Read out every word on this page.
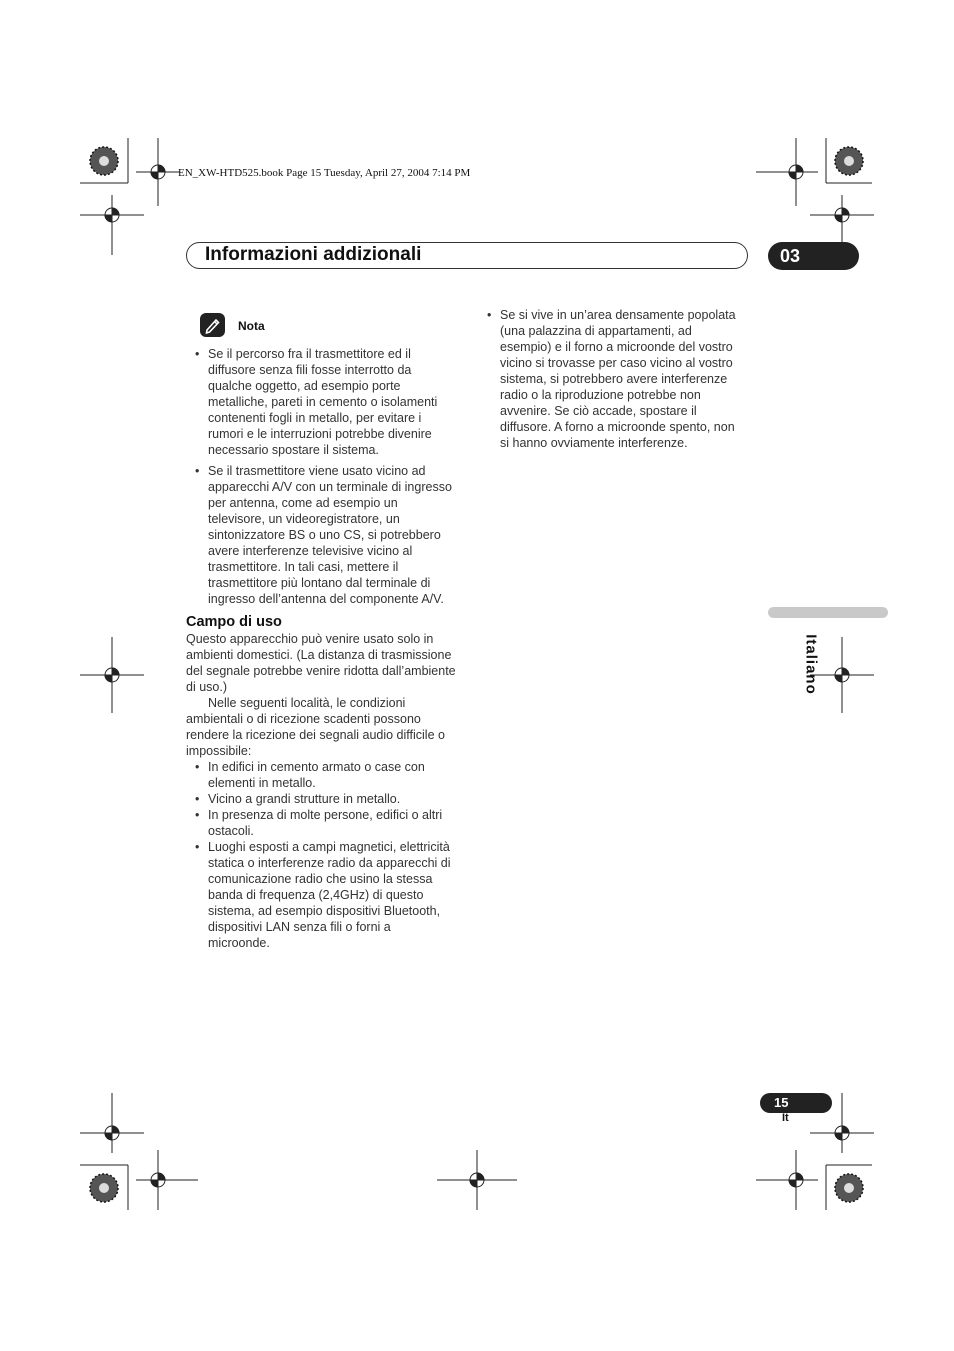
EN_XW-HTD525.book Page 15 Tuesday, April 27, 2004 7:14 PM
Informazioni addizionali	03
Nota
• Se il percorso fra il trasmettitore ed il diffusore senza fili fosse interrotto da qualche oggetto, ad esempio porte metalliche, pareti in cemento o isolamenti contenenti fogli in metallo, per evitare i rumori e le interruzioni potrebbe divenire necessario spostare il sistema.
• Se il trasmettitore viene usato vicino ad apparecchi A/V con un terminale di ingresso per antenna, come ad esempio un televisore, un videoregistratore, un sintonizzatore BS o uno CS, si potrebbero avere interferenze televisive vicino al trasmettitore. In tali casi, mettere il trasmettitore più lontano dal terminale di ingresso dell’antenna del componente A/V.
Campo di uso

Questo apparecchio può venire usato solo in ambienti domestici. (La distanza di trasmissione del segnale potrebbe venire ridotta dall’ambiente di uso.)

Nelle seguenti località, le condizioni ambientali o di ricezione scadenti possono rendere la ricezione dei segnali audio difficile o impossibile:

• In edifici in cemento armato o case con elementi in metallo.
• Vicino a grandi strutture in metallo.
• In presenza di molte persone, edifici o altri ostacoli.
• Luoghi esposti a campi magnetici, elettricità statica o interferenze radio da apparecchi di comunicazione radio che usino la stessa banda di frequenza (2,4GHz) di questo sistema, ad esempio dispositivi Bluetooth, dispositivi LAN senza fili o forni a microonde.
• Se si vive in un’area densamente popolata (una palazzina di appartamenti, ad esempio) e il forno a microonde del vostro vicino si trovasse per caso vicino al vostro sistema, si potrebbero avere interferenze radio o la riproduzione potrebbe non avvenire. Se ciò accade, spostare il diffusore. A forno a microonde spento, non si hanno ovviamente interferenze.
Italiano
15
It
